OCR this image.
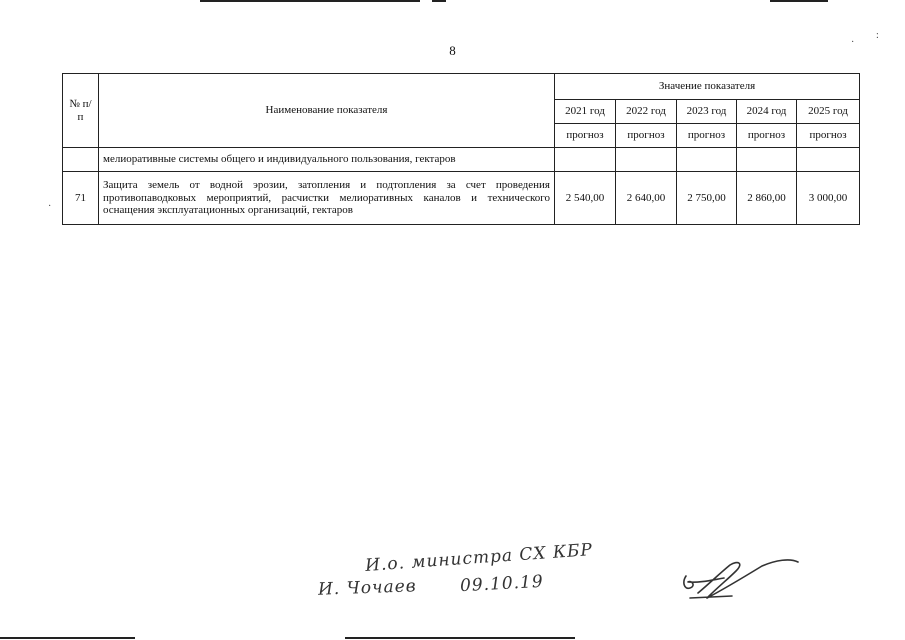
:
·
·
8
№ п/п	Наименование показателя	Значение показателя				
		2021 год	2022 год	2023 год	2024 год	2025 год
		прогноз	прогноз	прогноз	прогноз	прогноз
	мелиоративные системы общего и индивидуального пользования, гектаров					
71	Защита земель от водной эрозии, затопления и подтопления за счет проведения противопаводковых мероприятий, расчистки мелиоративных каналов и технического оснащения эксплуатационных организаций, гектаров	2 540,00	2 640,00	2 750,00	2 860,00	3 000,00
И.о. министра СХ КБР
И. Чочаев	09.10.19
